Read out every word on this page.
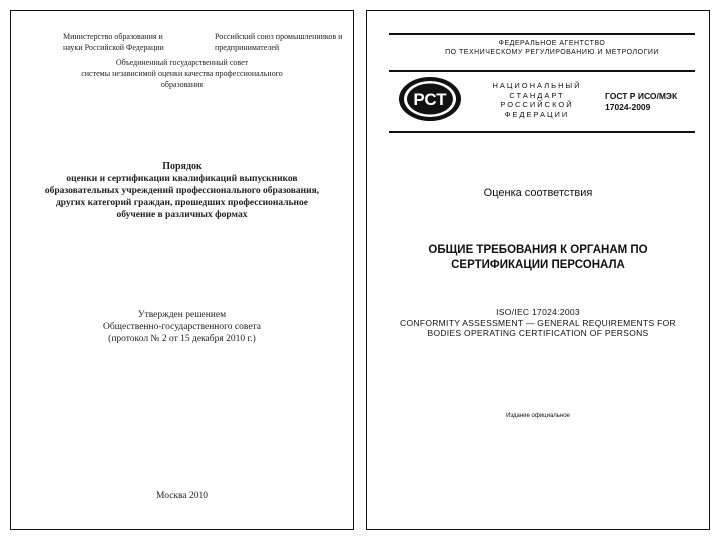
Министерство образования и
науки Российской Федерации
Российский союз промышленников и
предпринимателей
Объединенный государственный совет
системы независимой оценки качества профессионального
образования
Порядок
оценки и сертификации квалификаций выпускников
образовательных учреждений профессионального образования,
других категорий граждан, прошедших профессиональное
обучение в различных формах
Утвержден решением
Общественно-государственного совета
(протокол № 2 от 15 декабря 2010 г.)
Москва 2010
ФЕДЕРАЛЬНОЕ АГЕНТСТВО
ПО ТЕХНИЧЕСКОМУ РЕГУЛИРОВАНИЮ И МЕТРОЛОГИИ
РСТ
НАЦИОНАЛЬНЫЙ
СТАНДАРТ
РОССИЙСКОЙ
ФЕДЕРАЦИИ
ГОСТ Р ИСО/МЭК
17024-2009
Оценка соответствия
ОБЩИЕ ТРЕБОВАНИЯ К ОРГАНАМ ПО
СЕРТИФИКАЦИИ ПЕРСОНАЛА
ISO/IEC 17024:2003
CONFORMITY ASSESSMENT — GENERAL REQUIREMENTS FOR
BODIES OPERATING CERTIFICATION OF PERSONS
Издание официальное
